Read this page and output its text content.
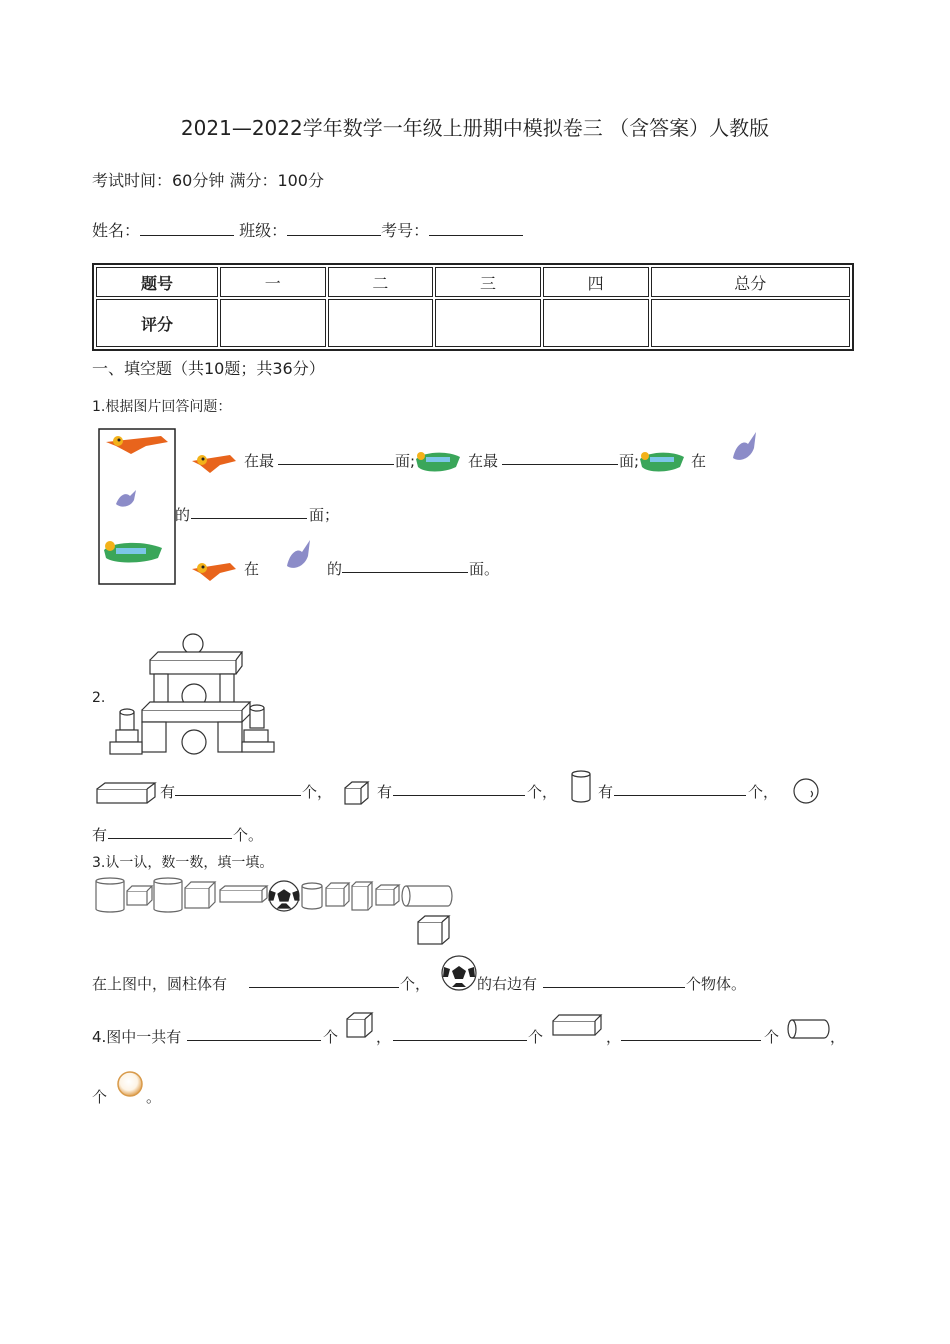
2021—2022学年数学一年级上册期中模拟卷三 （含答案）人教版
考试时间：60分钟 满分：100分
姓名：	班级：	考号：
题号	一	二	三	四	总分
评分					
一、填空题（共10题；共36分）
1.根据图片回答问题：
在最	面;	在最	面;	在
的	面；
在	的	面。
2.
有	个，	有	个，	有	个，
有	个。
3.认一认，数一数，填一填。
在上图中，圆柱体有	个，	的右边有	个物体。
4.图中一共有	个	，	个	，	个	，
个	。
